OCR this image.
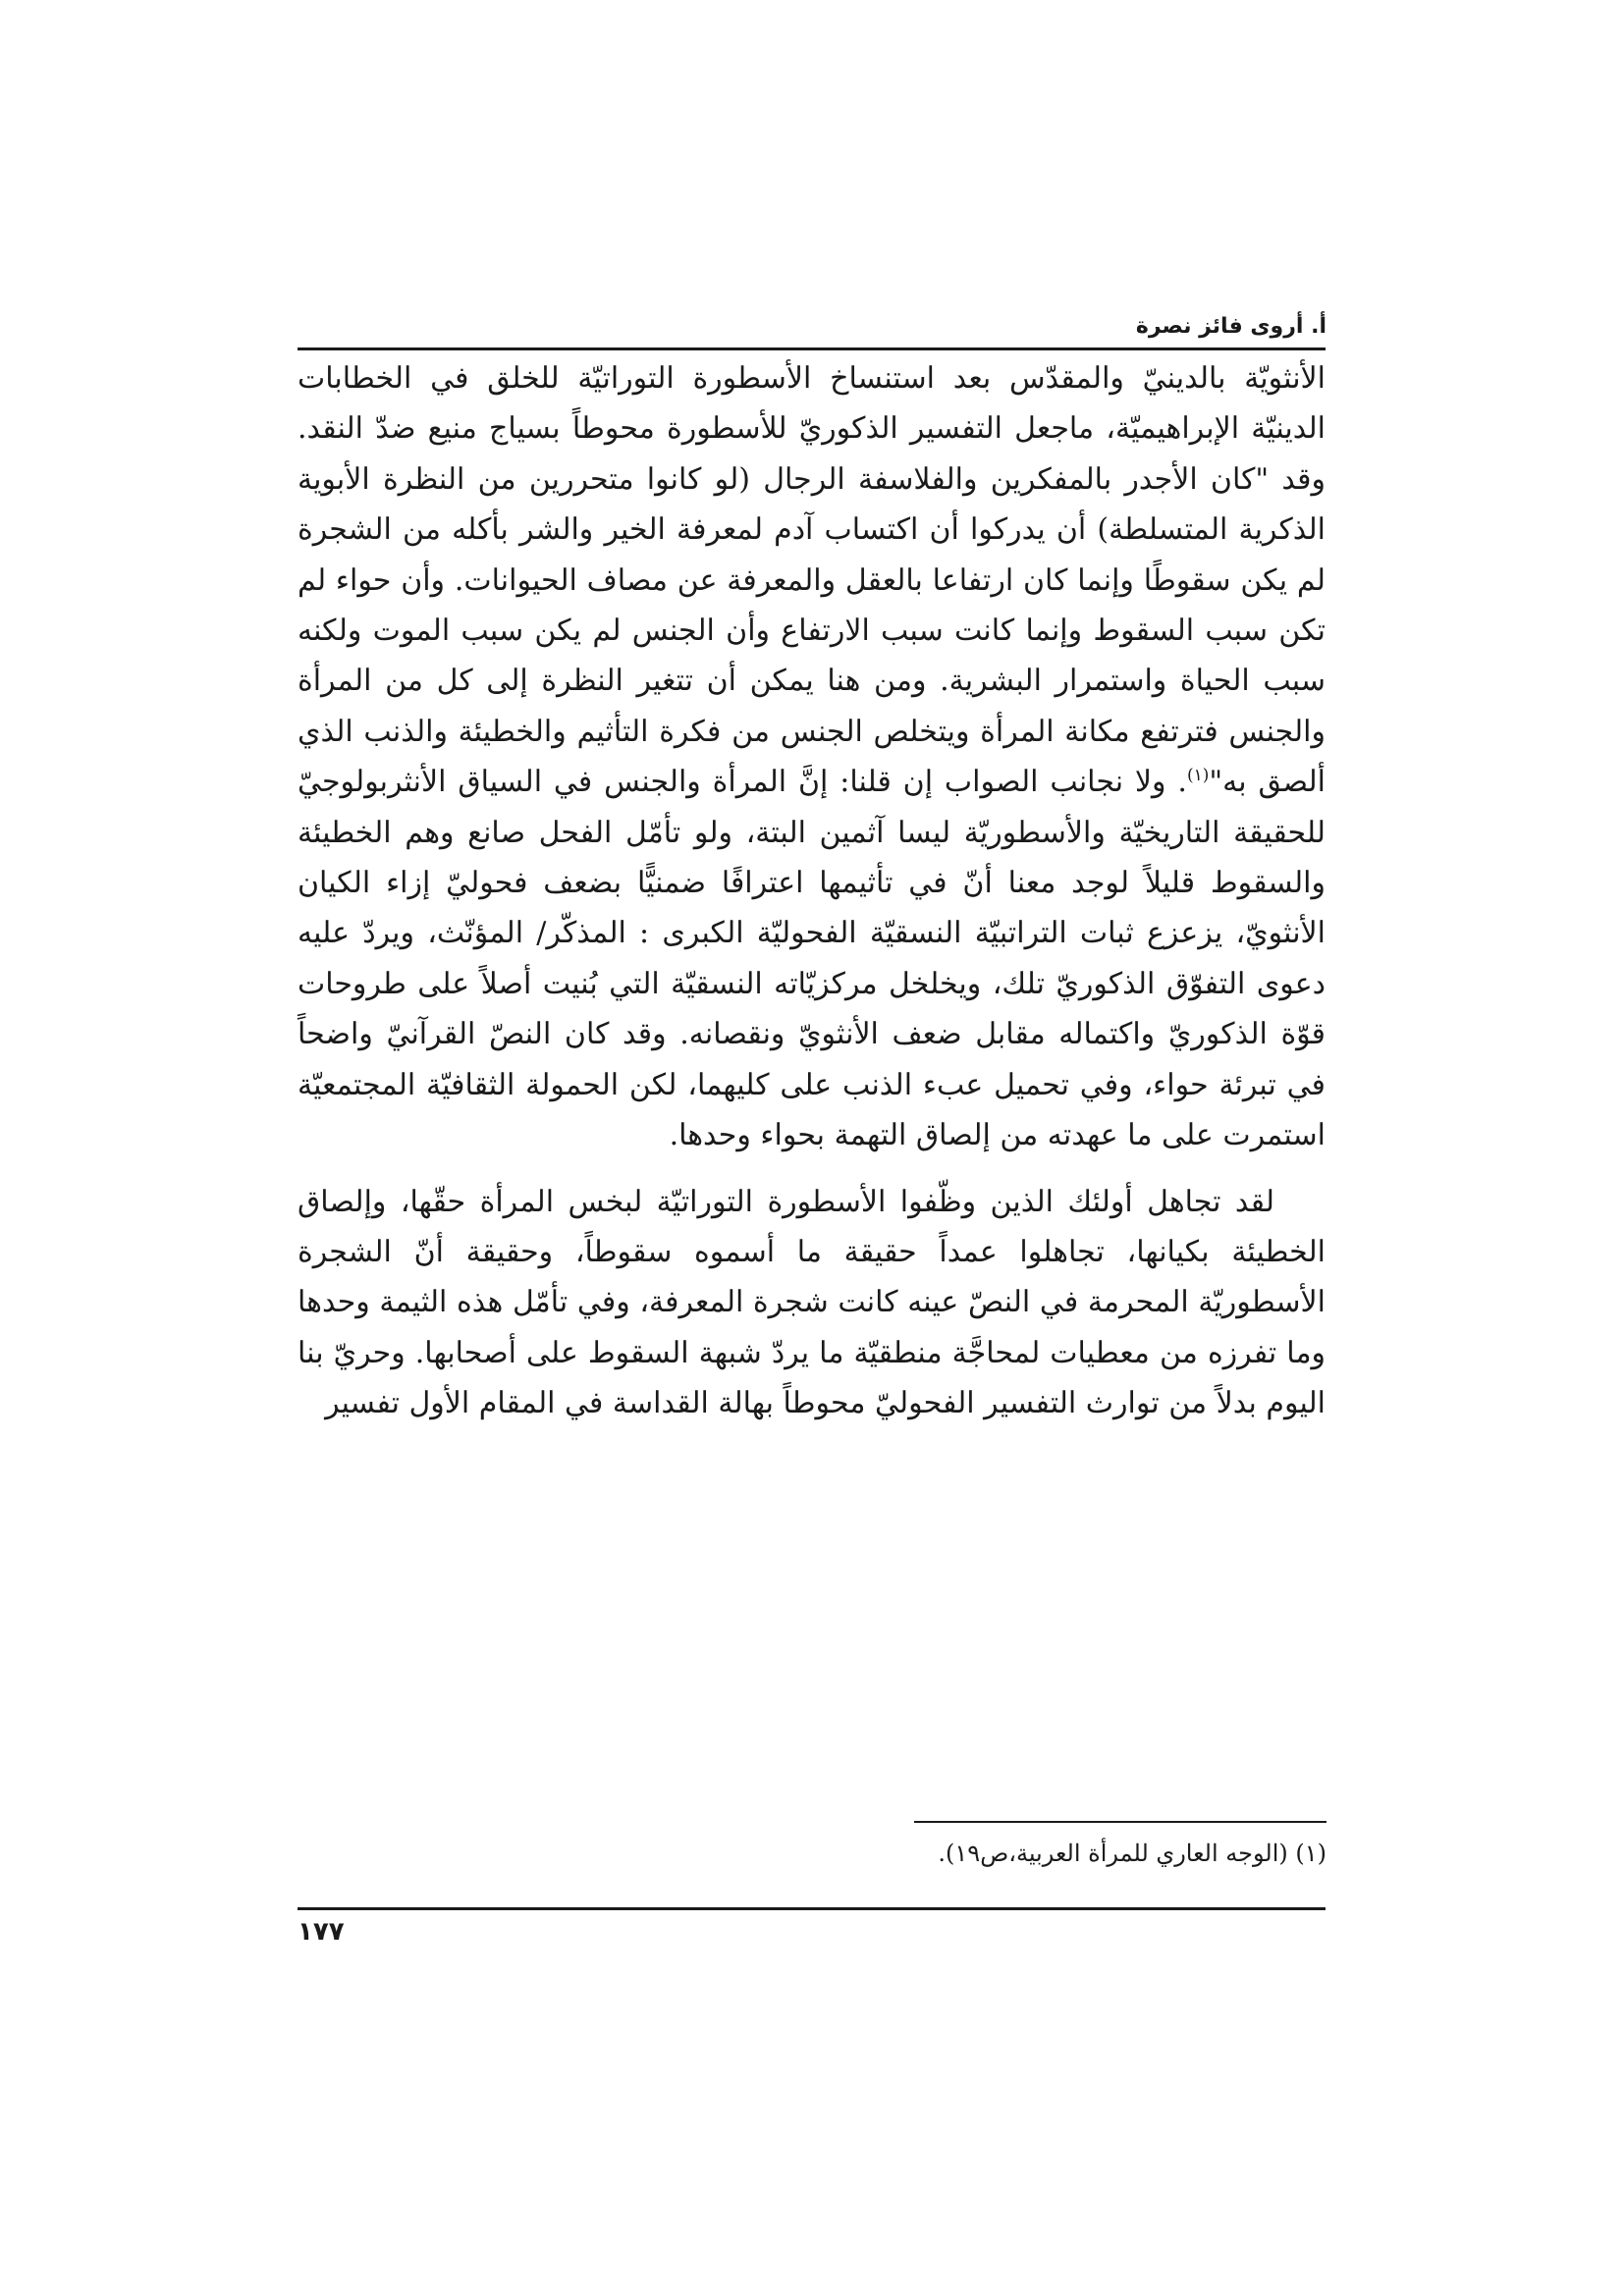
أ. أروى فائز نصرة

الأنثويّة بالدينيّ والمقدّس بعد استنساخ الأسطورة التوراتيّة للخلق في الخطابات الدينيّة الإبراهيميّة، ماجعل التفسير الذكوريّ للأسطورة محوطاً بسياج منيع ضدّ النقد. وقد "كان الأجدر بالمفكرين والفلاسفة الرجال (لو كانوا متحررين من النظرة الأبوية الذكرية المتسلطة) أن يدركوا أن اكتساب آدم لمعرفة الخير والشر بأكله من الشجرة لم يكن سقوطًا وإنما كان ارتفاعا بالعقل والمعرفة عن مصاف الحيوانات. وأن حواء لم تكن سبب السقوط وإنما كانت سبب الارتفاع وأن الجنس لم يكن سبب الموت ولكنه سبب الحياة واستمرار البشرية. ومن هنا يمكن أن تتغير النظرة إلى كل من المرأة والجنس فترتفع مكانة المرأة ويتخلص الجنس من فكرة التأثيم والخطيئة والذنب الذي ألصق به"$^{(١)}$. ولا نجانب الصواب إن قلنا: إنَّ المرأة والجنس في السياق الأنثربولوجيّ للحقيقة التاريخيّة والأسطوريّة ليسا آثمين البتة، ولو تأمّل الفحل صانع وهم الخطيئة والسقوط قليلاً لوجد معنا أنّ في تأثيمها اعترافًا ضمنيًّا بضعف فحوليّ إزاء الكيان الأنثويّ، يزعزع ثبات التراتبيّة النسقيّة الفحوليّة الكبرى : المذكّر/ المؤنّث، ويردّ عليه دعوى التفوّق الذكوريّ تلك، ويخلخل مركزيّاته النسقيّة التي بُنيت أصلاً على طروحات قوّة الذكوريّ واكتماله مقابل ضعف الأنثويّ ونقصانه. وقد كان النصّ القرآنيّ واضحاً في تبرئة حواء، وفي تحميل عبء الذنب على كليهما، لكن الحمولة الثقافيّة المجتمعيّة استمرت على ما عهدته من إلصاق التهمة بحواء وحدها.

لقد تجاهل أولئك الذين وظّفوا الأسطورة التوراتيّة لبخس المرأة حقّها، وإلصاق الخطيئة بكيانها، تجاهلوا عمداً حقيقة ما أسموه سقوطاً، وحقيقة أنّ الشجرة الأسطوريّة المحرمة في النصّ عينه كانت شجرة المعرفة، وفي تأمّل هذه الثيمة وحدها وما تفرزه من معطيات لمحاجَّة منطقيّة ما يردّ شبهة السقوط على أصحابها. وحريّ بنا اليوم بدلاً من توارث التفسير الفحوليّ محوطاً بهالة القداسة في المقام الأول تفسير

(١) (الوجه العاري للمرأة العربية،ص١٩).
١٧٧
